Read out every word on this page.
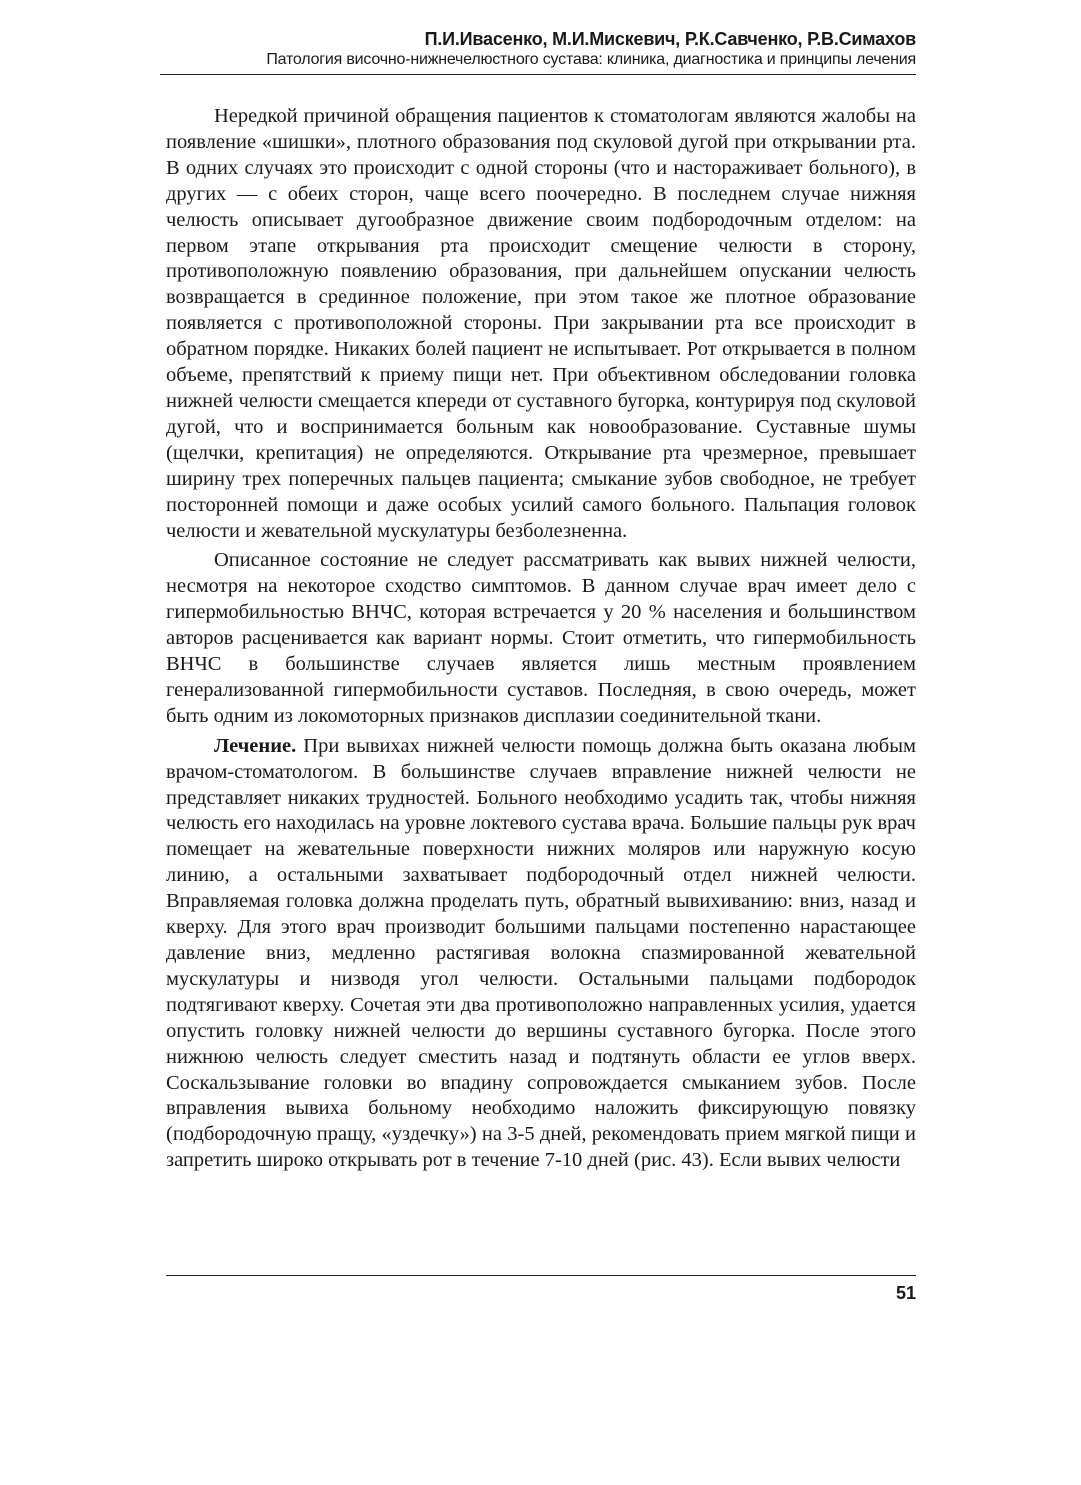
П.И.Ивасенко, М.И.Мискевич, Р.К.Савченко, Р.В.Симахов
Патология височно-нижнечелюстного сустава: клиника, диагностика и принципы лечения

Нередкой причиной обращения пациентов к стоматологам являются жалобы на появление «шишки», плотного образования под скуловой дугой при открывании рта. В одних случаях это происходит с одной стороны (что и настораживает больного), в других — с обеих сторон, чаще всего поочередно. В последнем случае нижняя челюсть описывает дугообразное движение своим подбородочным отделом: на первом этапе открывания рта происходит смещение челюсти в сторону, противоположную появлению образования, при дальнейшем опускании челюсть возвращается в срединное положение, при этом такое же плотное образование появляется с противоположной стороны. При закрывании рта все происходит в обратном порядке. Никаких болей пациент не испытывает. Рот открывается в полном объеме, препятствий к приему пищи нет. При объективном обследовании головка нижней челюсти смещается кпереди от суставного бугорка, контурируя под скуловой дугой, что и воспринимается больным как новообразование. Суставные шумы (щелчки, крепитация) не определяются. Открывание рта чрезмерное, превышает ширину трех поперечных пальцев пациента; смыкание зубов свободное, не требует посторонней помощи и даже особых усилий самого больного. Пальпация головок челюсти и жевательной мускулатуры безболезненна.

Описанное состояние не следует рассматривать как вывих нижней челюсти, несмотря на некоторое сходство симптомов. В данном случае врач имеет дело с гипермобильностью ВНЧС, которая встречается у 20 % населения и большинством авторов расценивается как вариант нормы. Стоит отметить, что гипермобильность ВНЧС в большинстве случаев является лишь местным проявлением генерализованной гипермобильности суставов. Последняя, в свою очередь, может быть одним из локомоторных признаков дисплазии соединительной ткани.

Лечение. При вывихах нижней челюсти помощь должна быть оказана любым врачом-стоматологом. В большинстве случаев вправление нижней челюсти не представляет никаких трудностей. Больного необходимо усадить так, чтобы нижняя челюсть его находилась на уровне локтевого сустава врача. Большие пальцы рук врач помещает на жевательные поверхности нижних моляров или наружную косую линию, а остальными захватывает подбородочный отдел нижней челюсти. Вправляемая головка должна проделать путь, обратный вывихиванию: вниз, назад и кверху. Для этого врач производит большими пальцами постепенно нарастающее давление вниз, медленно растягивая волокна спазмированной жевательной мускулатуры и низводя угол челюсти. Остальными пальцами подбородок подтягивают кверху. Сочетая эти два противоположно направленных усилия, удается опустить головку нижней челюсти до вершины суставного бугорка. После этого нижнюю челюсть следует сместить назад и подтянуть области ее углов вверх. Соскальзывание головки во впадину сопровождается смыканием зубов. После вправления вывиха больному необходимо наложить фиксирующую повязку (подбородочную пращу, «уздечку») на 3-5 дней, рекомендовать прием мягкой пищи и запретить широко открывать рот в течение 7-10 дней (рис. 43). Если вывих челюсти

51
